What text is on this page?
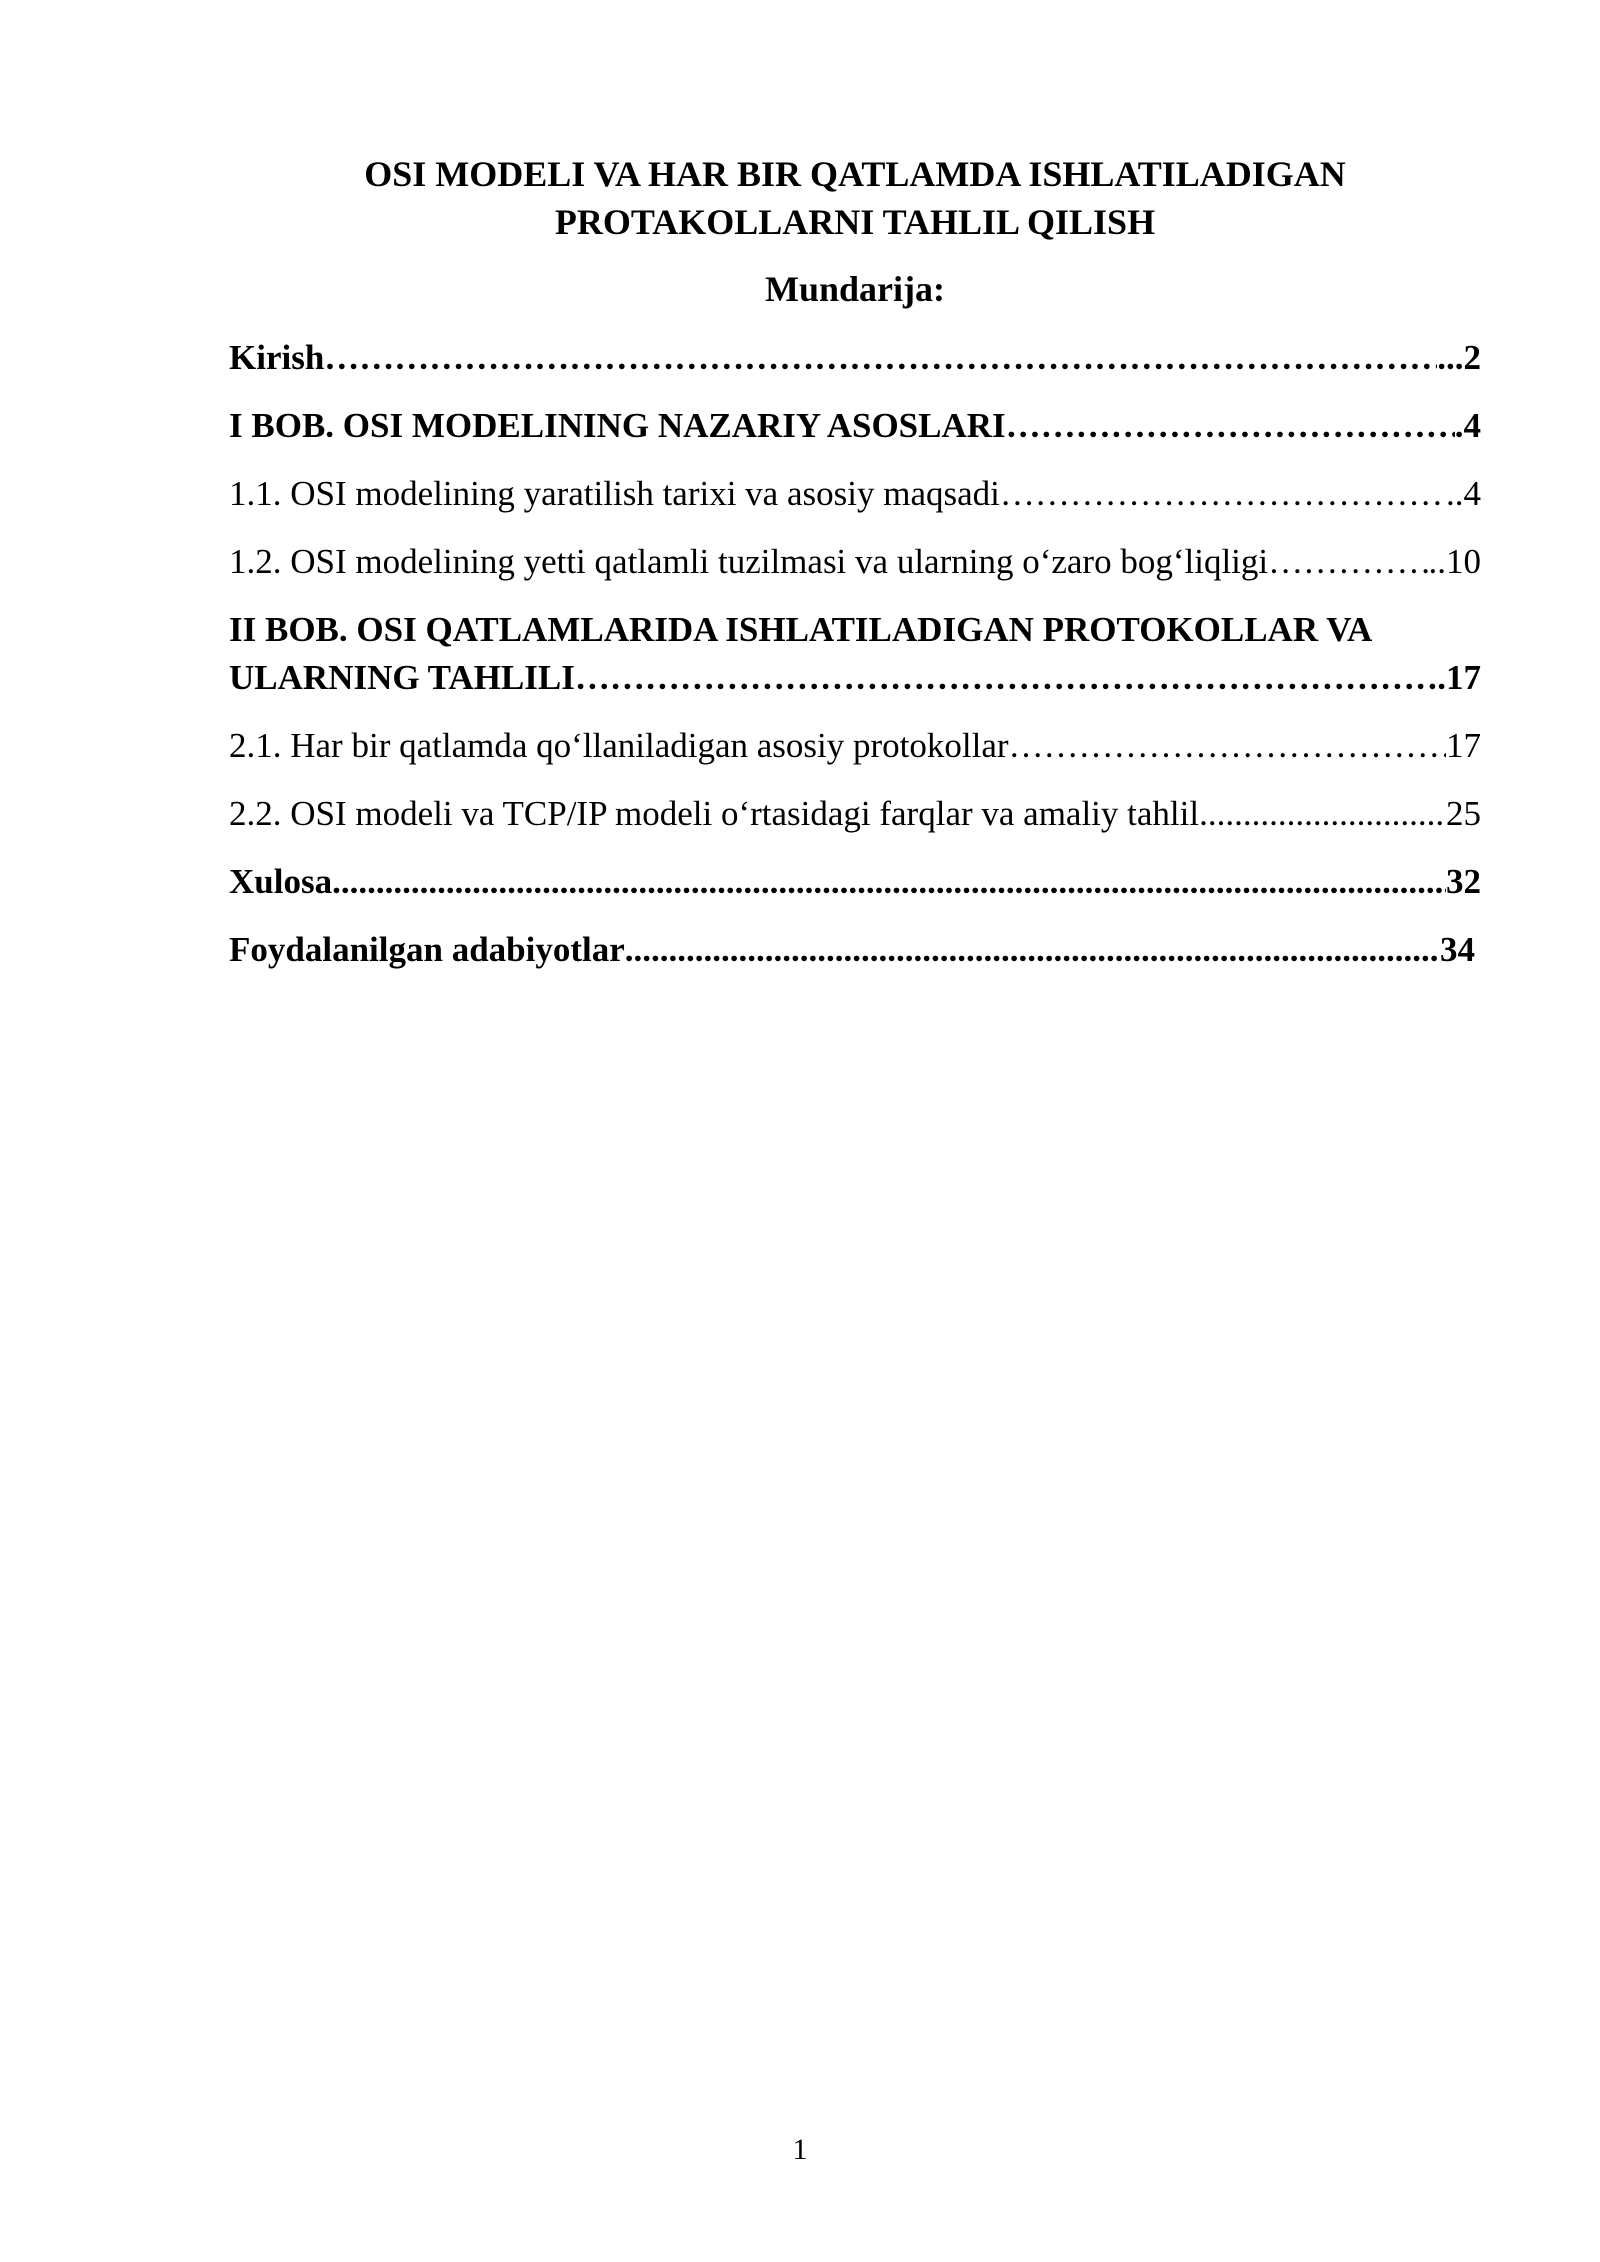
OSI MODELI VA HAR BIR QATLAMDA ISHLATILADIGAN
PROTAKOLLARNI TAHLIL QILISH
Mundarija:
Kirish …………………………………………………………………………………………………………………………………………………………………………………………………………………………………………	... 2
I BOB. OSI MODELINING NAZARIY ASOSLARI …………………………………………………………………………………………………………………………………………………………………………………………………………………………………………	. 4
1.1. OSI modelining yaratilish tarixi va asosiy maqsadi …………………………………………………………………………………………………………………………………………………………………………………………………………………………………………	.. 4
1.2. OSI modelining yetti qatlamli tuzilmasi va ularning o‘zaro bog‘liqligi …………………………………………………………………………………………………………………………………………………………………………………………………………………………………………	.. 10
II BOB. OSI QATLAMLARIDA ISHLATILADIGAN PROTOKOLLAR VA
ULARNING TAHLILI …………………………………………………………………………………………………………………………………………………………………………………………………………………………………………	. 17
2.1. Har bir qatlamda qo‘llaniladigan asosiy protokollar …………………………………………………………………………………………………………………………………………………………………………………………………………………………………………	17
2.2. OSI modeli va TCP/IP modeli o‘rtasidagi farqlar va amaliy tahlil .....	25
Xulosa .....	32
Foydalanilgan adabiyotlar .....	34
1
